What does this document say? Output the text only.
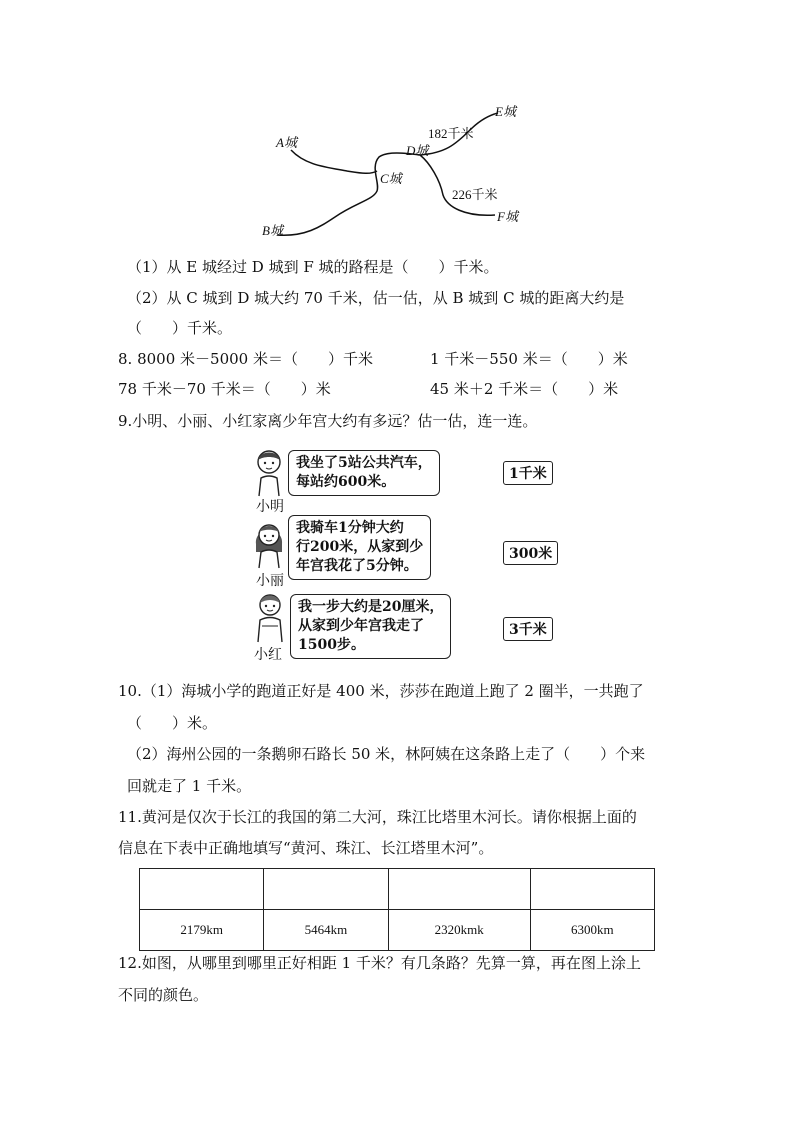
A城
B城
C城
D城
E城
F城
182千米
226千米
（1）从 E 城经过 D 城到 F 城的路程是（　　）千米。
（2）从 C 城到 D 城大约 70 千米，估一估，从 B 城到 C 城的距离大约是
（　　）千米。
8. 8000 米－5000 米＝（　　）千米	1 千米－550 米＝（　　）米
78 千米－70 千米＝（　　）米	45 米＋2 千米＝（　　）米
9.小明、小丽、小红家离少年宫大约有多远？估一估，连一连。
小明
我坐了5站公共汽车，
每站约600米。
小丽
我骑车1分钟大约
行200米，从家到少
年宫我花了5分钟。
小红
我一步大约是20厘米，
从家到少年宫我走了
1500步。
1千米
300米
3千米
10.（1）海城小学的跑道正好是 400 米，莎莎在跑道上跑了 2 圈半，一共跑了
（　　）米。
（2）海州公园的一条鹅卵石路长 50 米，林阿姨在这条路上走了（　　）个来
回就走了 1 千米。
11.黄河是仅次于长江的我国的第二大河，珠江比塔里木河长。请你根据上面的
信息在下表中正确地填写“黄河、珠江、长江塔里木河”。

2179km	5464km	2320kmk	6300km
12.如图，从哪里到哪里正好相距 1 千米？有几条路？先算一算，再在图上涂上
不同的颜色。
